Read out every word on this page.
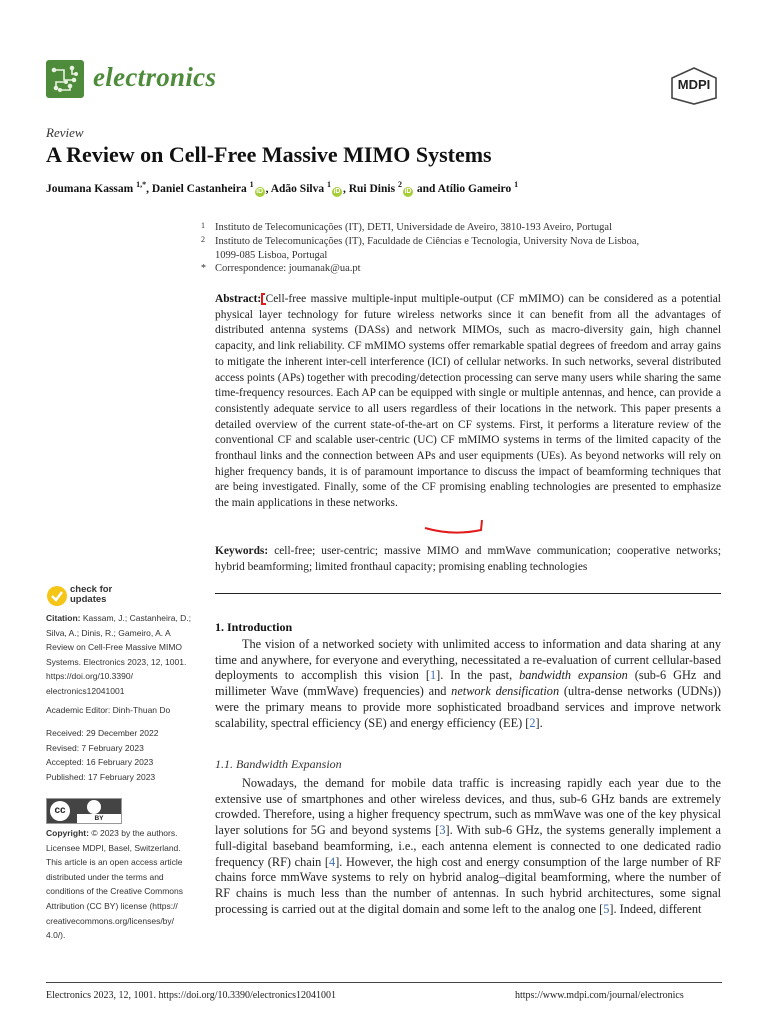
electronics	MDPI
Review
A Review on Cell-Free Massive MIMO Systems
Joumana Kassam $^{1,*}$, Daniel Castanheira $^1$iD , Adão Silva $^1$iD , Rui Dinis $^2$iD and Atílio Gameiro $^1$
1 Instituto de Telecomunicações (IT), DETI, Universidade de Aveiro, 3810-193 Aveiro, Portugal
2 Instituto de Telecomunicações (IT), Faculdade de Ciências e Tecnologia, University Nova de Lisboa,
1099-085 Lisboa, Portugal
* Correspondence: joumanak@ua.pt
Abstract: Cell-free massive multiple-input multiple-output (CF mMIMO) can be considered as a potential physical layer technology for future wireless networks since it can benefit from all the advantages of distributed antenna systems (DASs) and network MIMOs, such as macro-diversity gain, high channel capacity, and link reliability. CF mMIMO systems offer remarkable spatial degrees of freedom and array gains to mitigate the inherent inter-cell interference (ICI) of cellular networks. In such networks, several distributed access points (APs) together with precoding/detection processing can serve many users while sharing the same time-frequency resources. Each AP can be equipped with single or multiple antennas, and hence, can provide a consistently adequate service to all users regardless of their locations in the network. This paper presents a detailed overview of the current state-of-the-art on CF systems. First, it performs a literature review of the conventional CF and scalable user-centric (UC) CF mMIMO systems in terms of the limited capacity of the fronthaul links and the connection between APs and user equipments (UEs). As beyond networks will rely on higher frequency bands, it is of paramount importance to discuss the impact of beamforming techniques that are being investigated. Finally, some of the CF promising enabling technologies are presented to emphasize the main applications in these networks.
Keywords: cell-free; user-centric; massive MIMO and mmWave communication; cooperative networks; hybrid beamforming; limited fronthaul capacity; promising enabling technologies
check for
updates
Citation: Kassam, J.; Castanheira, D.;
Silva, A.; Dinis, R.; Gameiro, A. A
Review on Cell-Free Massive MIMO
Systems. Electronics 2023, 12, 1001.
https://doi.org/10.3390/
electronics12041001
Academic Editor: Dinh-Thuan Do
Received: 29 December 2022
Revised: 7 February 2023
Accepted: 16 February 2023
Published: 17 February 2023
cc
BY
Copyright: © 2023 by the authors.
Licensee MDPI, Basel, Switzerland.
This article is an open access article
distributed under the terms and
conditions of the Creative Commons
Attribution (CC BY) license (https://
creativecommons.org/licenses/by/
4.0/).
1. Introduction
The vision of a networked society with unlimited access to information and data sharing at any time and anywhere, for everyone and everything, necessitated a re-evaluation of current cellular-based deployments to accomplish this vision [1]. In the past, bandwidth expansion (sub-6 GHz and millimeter Wave (mmWave) frequencies) and network densification (ultra-dense networks (UDNs)) were the primary means to provide more sophisticated broadband services and improve network scalability, spectral efficiency (SE) and energy efficiency (EE) [2].
1.1. Bandwidth Expansion
Nowadays, the demand for mobile data traffic is increasing rapidly each year due to the extensive use of smartphones and other wireless devices, and thus, sub-6 GHz bands are extremely crowded. Therefore, using a higher frequency spectrum, such as mmWave was one of the key physical layer solutions for 5G and beyond systems [3]. With sub-6 GHz, the systems generally implement a full-digital baseband beamforming, i.e., each antenna element is connected to one dedicated radio frequency (RF) chain [4]. However, the high cost and energy consumption of the large number of RF chains force mmWave systems to rely on hybrid analog–digital beamforming, where the number of RF chains is much less than the number of antennas. In such hybrid architectures, some signal processing is carried out at the digital domain and some left to the analog one [5]. Indeed, different
Electronics 2023, 12, 1001. https://doi.org/10.3390/electronics12041001	https://www.mdpi.com/journal/electronics
